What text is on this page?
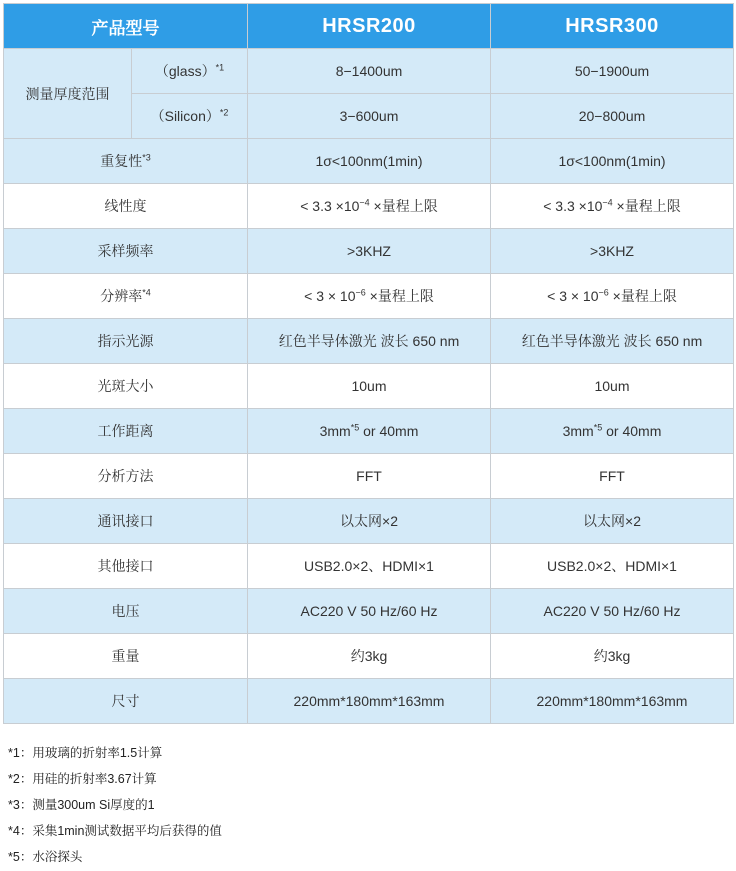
产品型号		HRSR200	HRSR300
测量厚度范围	（glass）$^{*1}$	8−1400um	50−1900um
	（Silicon）$^{*2}$	3−600um	20−800um
重复性$^{*3}$		1σ<100nm(1min)	1σ<100nm(1min)
线性度		< $3.3 \times 10^{-4}$ ×量程上限	< $3.3 \times 10^{-4}$ ×量程上限
采样频率		>3KHZ	>3KHZ
分辨率$^{*4}$		< $3 \times 10^{-6}$ ×量程上限	< $3 \times 10^{-6}$ ×量程上限
指示光源		红色半导体激光 波长 650 nm	红色半导体激光 波长 650 nm
光斑大小		10um	10um
工作距离		$3mm^{*5}$ or 40mm	$3mm^{*5}$ or 40mm
分析方法		FFT	FFT
通讯接口		以太网×2	以太网×2
其他接口		USB2.0×2、HDMI×1	USB2.0×2、HDMI×1
电压		AC220 V 50 Hz/60 Hz	AC220 V 50 Hz/60 Hz
重量		约3kg	约3kg
尺寸		220mm*180mm*163mm	220mm*180mm*163mm
*1：用玻璃的折射率1.5计算
*2：用硅的折射率3.67计算
*3：测量300um Si厚度的1
*4：采集1min测试数据平均后获得的值
*5：水浴探头
